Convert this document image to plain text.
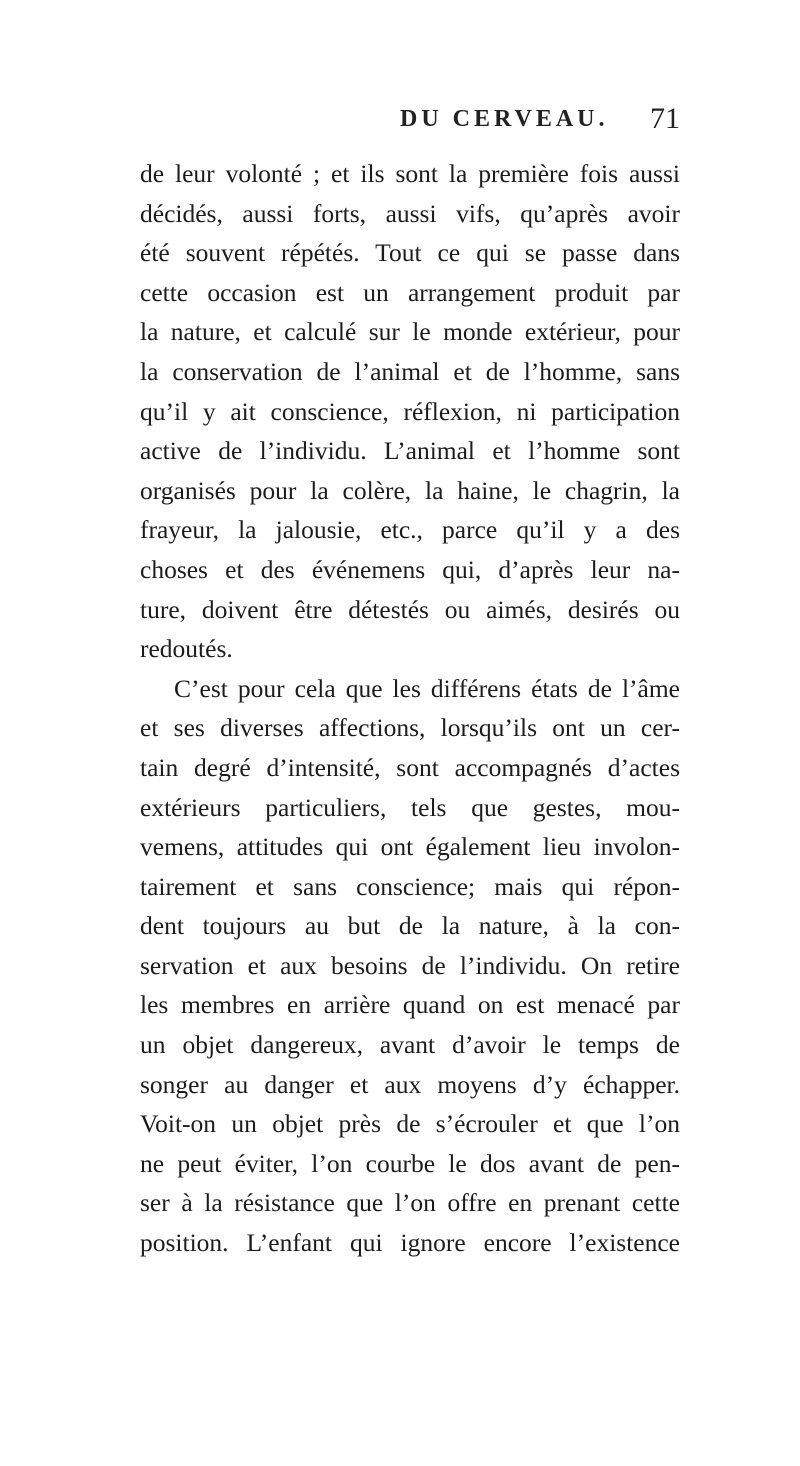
DU CERVEAU. 71
de leur volonté ; et ils sont la première fois aussi
décidés, aussi forts, aussi vifs, qu’après avoir
été souvent répétés. Tout ce qui se passe dans
cette occasion est un arrangement produit par
la nature, et calculé sur le monde extérieur, pour
la conservation de l’animal et de l’homme, sans
qu’il y ait conscience, réflexion, ni participation
active de l’individu. L’animal et l’homme sont
organisés pour la colère, la haine, le chagrin, la
frayeur, la jalousie, etc., parce qu’il y a des
choses et des événemens qui, d’après leur na-
ture, doivent être détestés ou aimés, desirés ou
redoutés.
C’est pour cela que les différens états de l’âme
et ses diverses affections, lorsqu’ils ont un cer-
tain degré d’intensité, sont accompagnés d’actes
extérieurs particuliers, tels que gestes, mou-
vemens, attitudes qui ont également lieu involon-
tairement et sans conscience; mais qui répon-
dent toujours au but de la nature, à la con-
servation et aux besoins de l’individu. On retire
les membres en arrière quand on est menacé par
un objet dangereux, avant d’avoir le temps de
songer au danger et aux moyens d’y échapper.
Voit-on un objet près de s’écrouler et que l’on
ne peut éviter, l’on courbe le dos avant de pen-
ser à la résistance que l’on offre en prenant cette
position. L’enfant qui ignore encore l’existence
